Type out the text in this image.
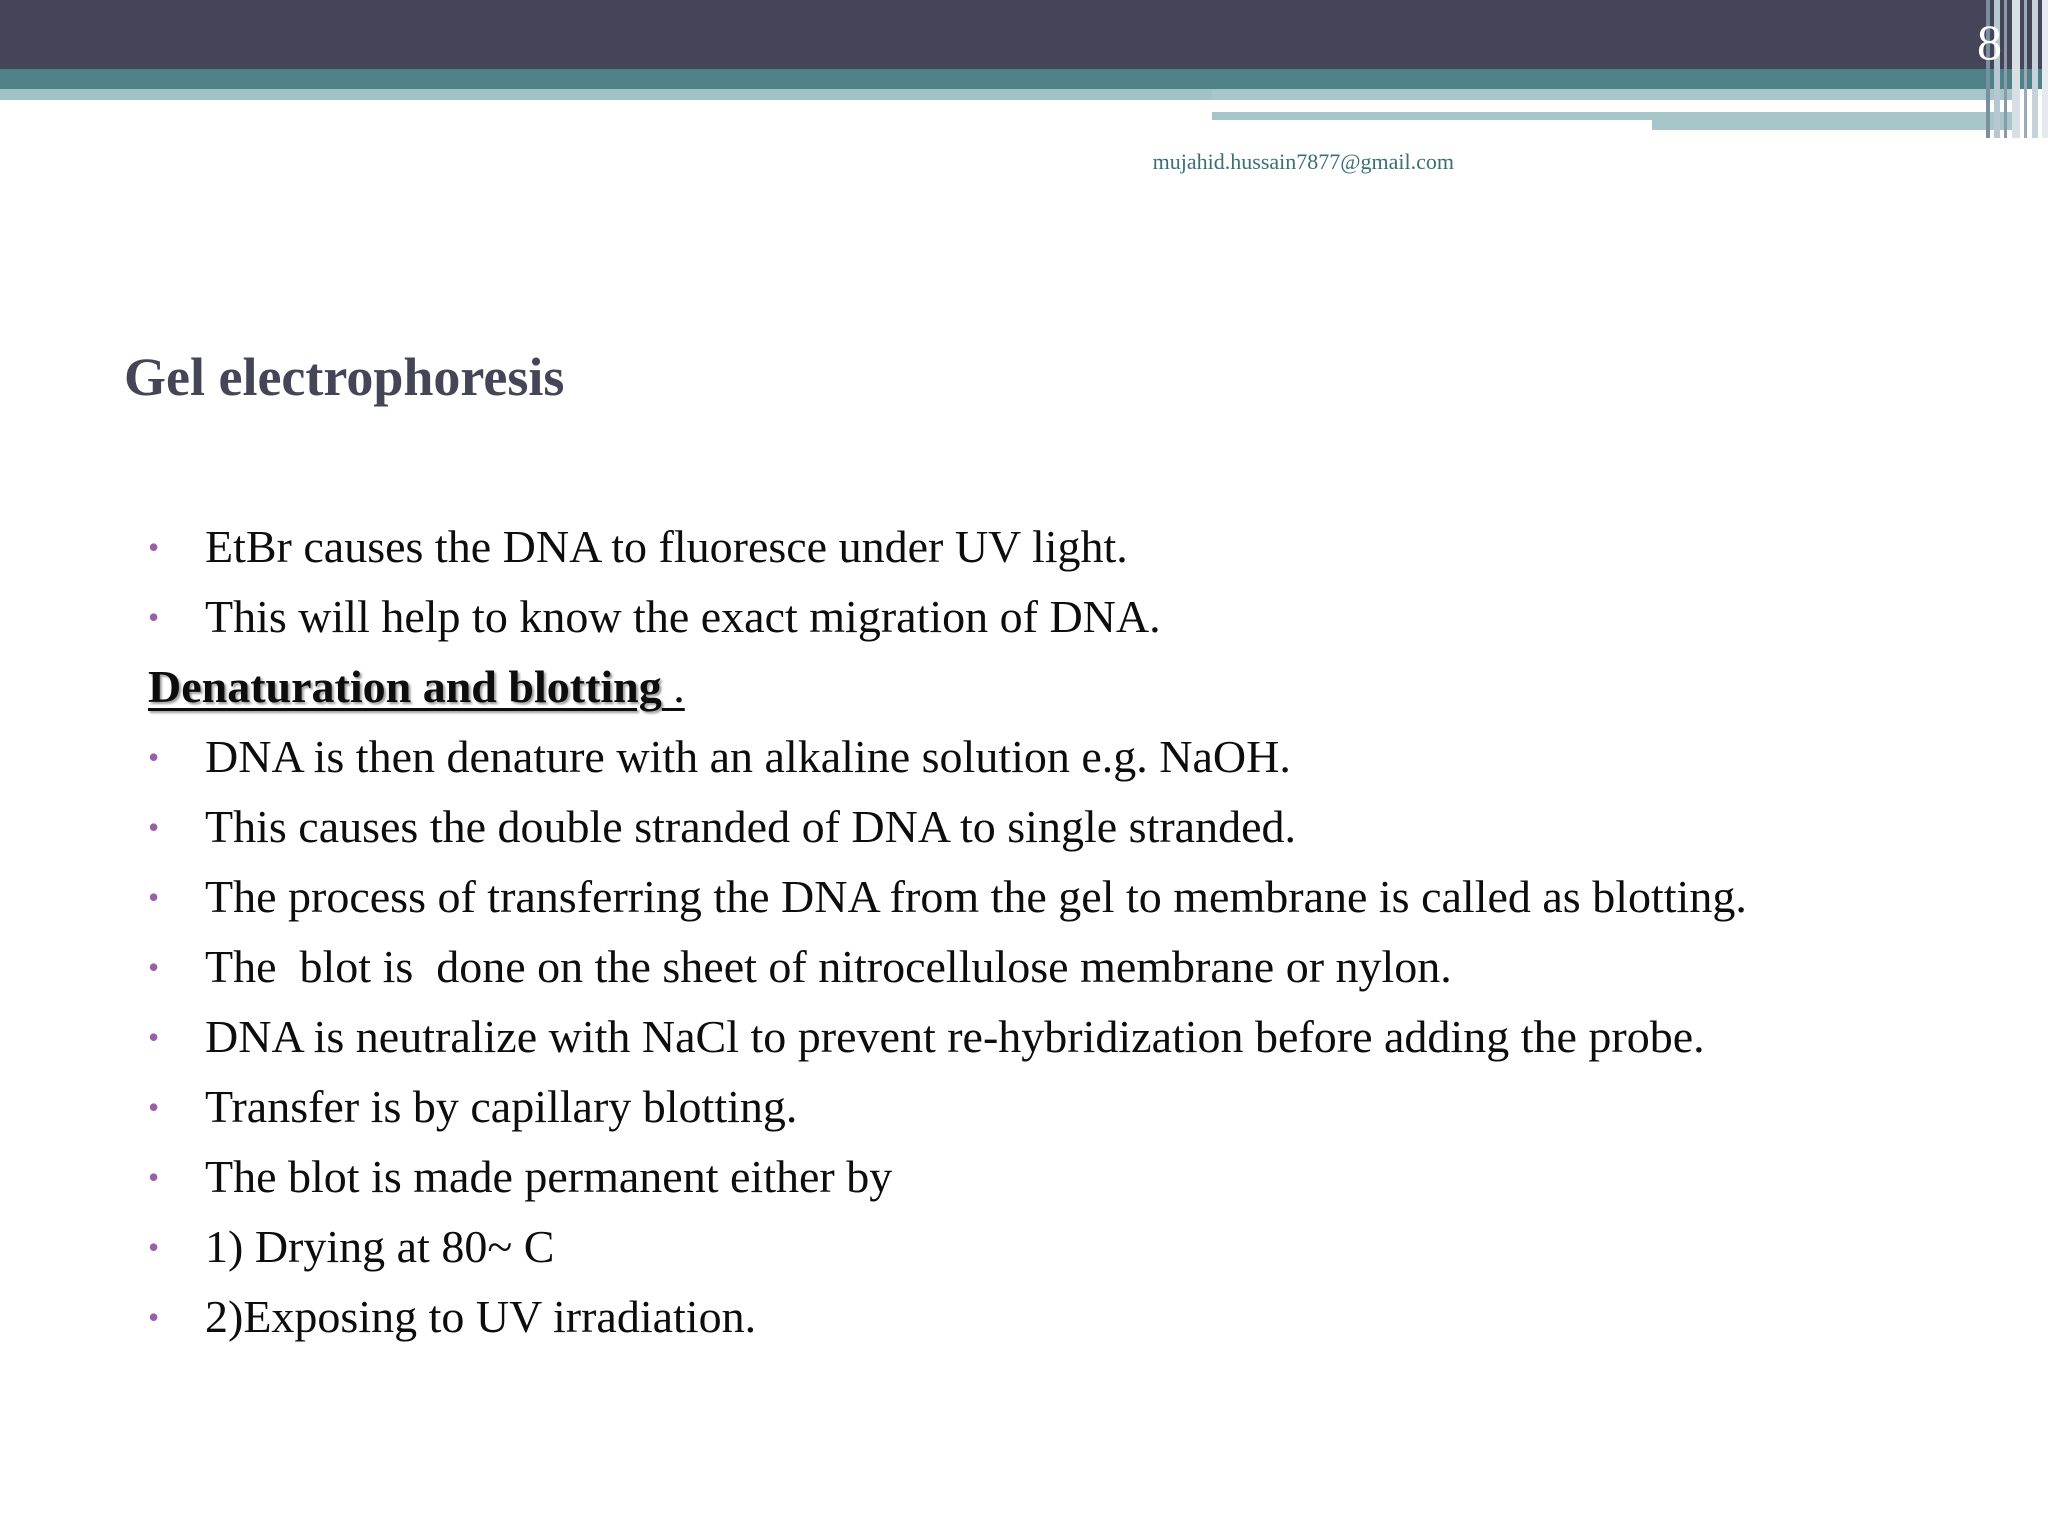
8
mujahid.hussain7877@gmail.com
Gel electrophoresis
• EtBr causes the DNA to fluoresce under UV light.
• This will help to know the exact migration of DNA.
Denaturation and blotting .
• DNA is then denature with an alkaline solution e.g. NaOH.
• This causes the double stranded of DNA to single stranded.
• The process of transferring the DNA from the gel to membrane is called as blotting.
• The  blot is  done on the sheet of nitrocellulose membrane or nylon.
• DNA is neutralize with NaCl to prevent re-hybridization before adding the probe.
• Transfer is by capillary blotting.
• The blot is made permanent either by
• 1) Drying at 80~ C
• 2)Exposing to UV irradiation.
